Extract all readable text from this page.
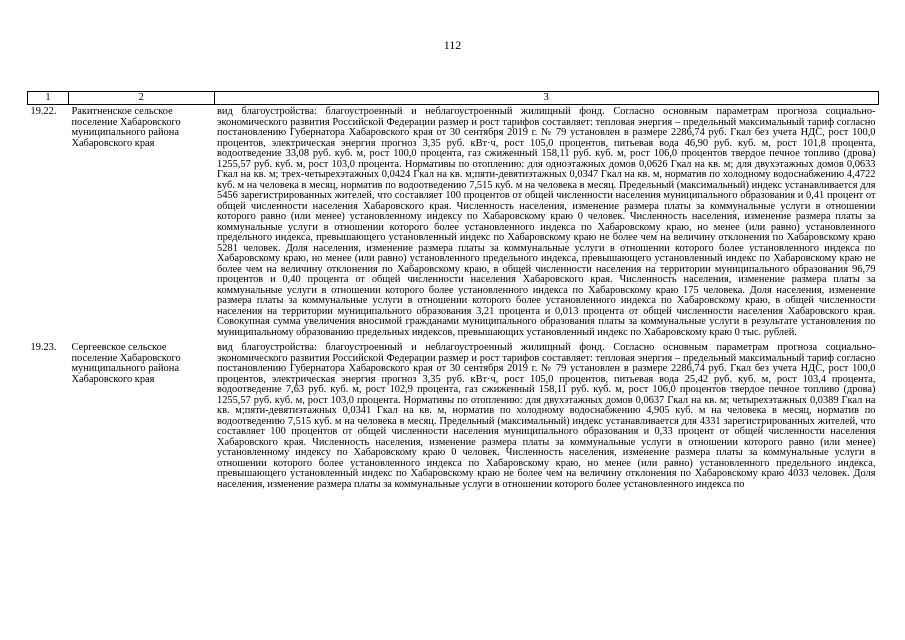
112
1	2	3
19.22.	Ракитненское сельское поселение Хабаровского муниципального района Хабаровского края	вид благоустройства: благоустроенный и неблагоустроенный жилищный фонд. Согласно основным параметрам прогноза социально-экономического развития Российской Федерации размер и рост тарифов составляет: тепловая энергия – предельный максимальный тариф согласно постановлению Губернатора Хабаровского края от 30 сентября 2019 г. № 79 установлен в размере 2286,74 руб. Гкал без учета НДС, рост 100,0 процентов, электрическая энергия прогноз 3,35 руб. кВт·ч, рост 105,0 процентов, питьевая вода 46,90 руб. куб. м, рост 101,8 процента, водоотведение 33,08 руб. куб. м, рост 100,0 процента, газ сжиженный 158,11 руб. куб. м, рост 106,0 процентов твердое печное топливо (дрова) 1255,57 руб. куб. м, рост 103,0 процента. Нормативы по отоплению: для одноэтажных домов 0,0626 Гкал на кв. м; для двухэтажных домов 0,0633 Гкал на кв. м; трех-четырехэтажных 0,0424 Гкал на кв. м;пяти-девятиэтажных 0,0347 Гкал на кв. м, норматив по холодному водоснабжению 4,4722 куб. м на человека в месяц, норматив по водоотведению 7,515 куб. м на человека в месяц. Предельный (максимальный) индекс устанавливается для 5456 зарегистрированных жителей, что составляет 100 процентов от общей численности населения муниципального образования и 0,41 процент от общей численности населения Хабаровского края. Численность населения, изменение размера платы за коммунальные услуги в отношении которого равно (или менее) установленному индексу по Хабаровскому краю 0 человек. Численность населения, изменение размера платы за коммунальные услуги в отношении которого более установленного индекса по Хабаровскому краю, но менее (или равно) установленного предельного индекса, превышающего установленный индекс по Хабаровскому краю не более чем на величину отклонения по Хабаровскому краю 5281 человек. Доля населения, изменение размера платы за коммунальные услуги в отношении которого более установленного индекса по Хабаровскому краю, но менее (или равно) установленного предельного индекса, превышающего установленный индекс по Хабаровскому краю не более чем на величину отклонения по Хабаровскому краю, в общей численности населения на территории муниципального образования 96,79 процентов и 0,40 процента от общей численности населения Хабаровского края. Численность населения, изменение размера платы за коммунальные услуги в отношении которого более установленного индекса по Хабаровскому краю 175 человека. Доля населения, изменение размера платы за коммунальные услуги в отношении которого более установленного индекса по Хабаровскому краю, в общей численности населения на территории муниципального образования 3,21 процента и 0,013 процента от общей численности населения Хабаровского края. Совокупная сумма увеличения вносимой гражданами муниципального образования платы за коммунальные услуги в результате установления по муниципальному образованию предельных индексов, превышающих установленный индекс по Хабаровскому краю 0 тыс. рублей.
19.23.	Сергеевское сельское поселение Хабаровского муниципального района Хабаровского края	вид благоустройства: благоустроенный и неблагоустроенный жилищный фонд. Согласно основным параметрам прогноза социально-экономического развития Российской Федерации размер и рост тарифов составляет: тепловая энергия – предельный максимальный тариф согласно постановлению Губернатора Хабаровского края от 30 сентября 2019 г. № 79 установлен в размере 2286,74 руб. Гкал без учета НДС, рост 100,0 процентов, электрическая энергия прогноз 3,35 руб. кВт·ч, рост 105,0 процентов, питьевая вода 25,42 руб. куб. м, рост 103,4 процента, водоотведение 7,63 руб. куб. м, рост 102,9 процента, газ сжиженный 158,11 руб. куб. м, рост 106,0 процентов твердое печное топливо (дрова) 1255,57 руб. куб. м, рост 103,0 процента. Нормативы по отоплению: для двухэтажных домов 0,0637 Гкал на кв. м; четырехэтажных 0,0389 Гкал на кв. м;пяти-девятиэтажных 0,0341 Гкал на кв. м, норматив по холодному водоснабжению 4,905 куб. м на человека в месяц, норматив по водоотведению 7,515 куб. м на человека в месяц. Предельный (максимальный) индекс устанавливается для 4331 зарегистрированных жителей, что составляет 100 процентов от общей численности населения муниципального образования и 0,33 процент от общей численности населения Хабаровского края. Численность населения, изменение размера платы за коммунальные услуги в отношении которого равно (или менее) установленному индексу по Хабаровскому краю 0 человек. Численность населения, изменение размера платы за коммунальные услуги в отношении которого более установленного индекса по Хабаровскому краю, но менее (или равно) установленного предельного индекса, превышающего установленный индекс по Хабаровскому краю не более чем на величину отклонения по Хабаровскому краю 4033 человек. Доля населения, изменение размера платы за коммунальные услуги в отношении которого более установленного индекса по
